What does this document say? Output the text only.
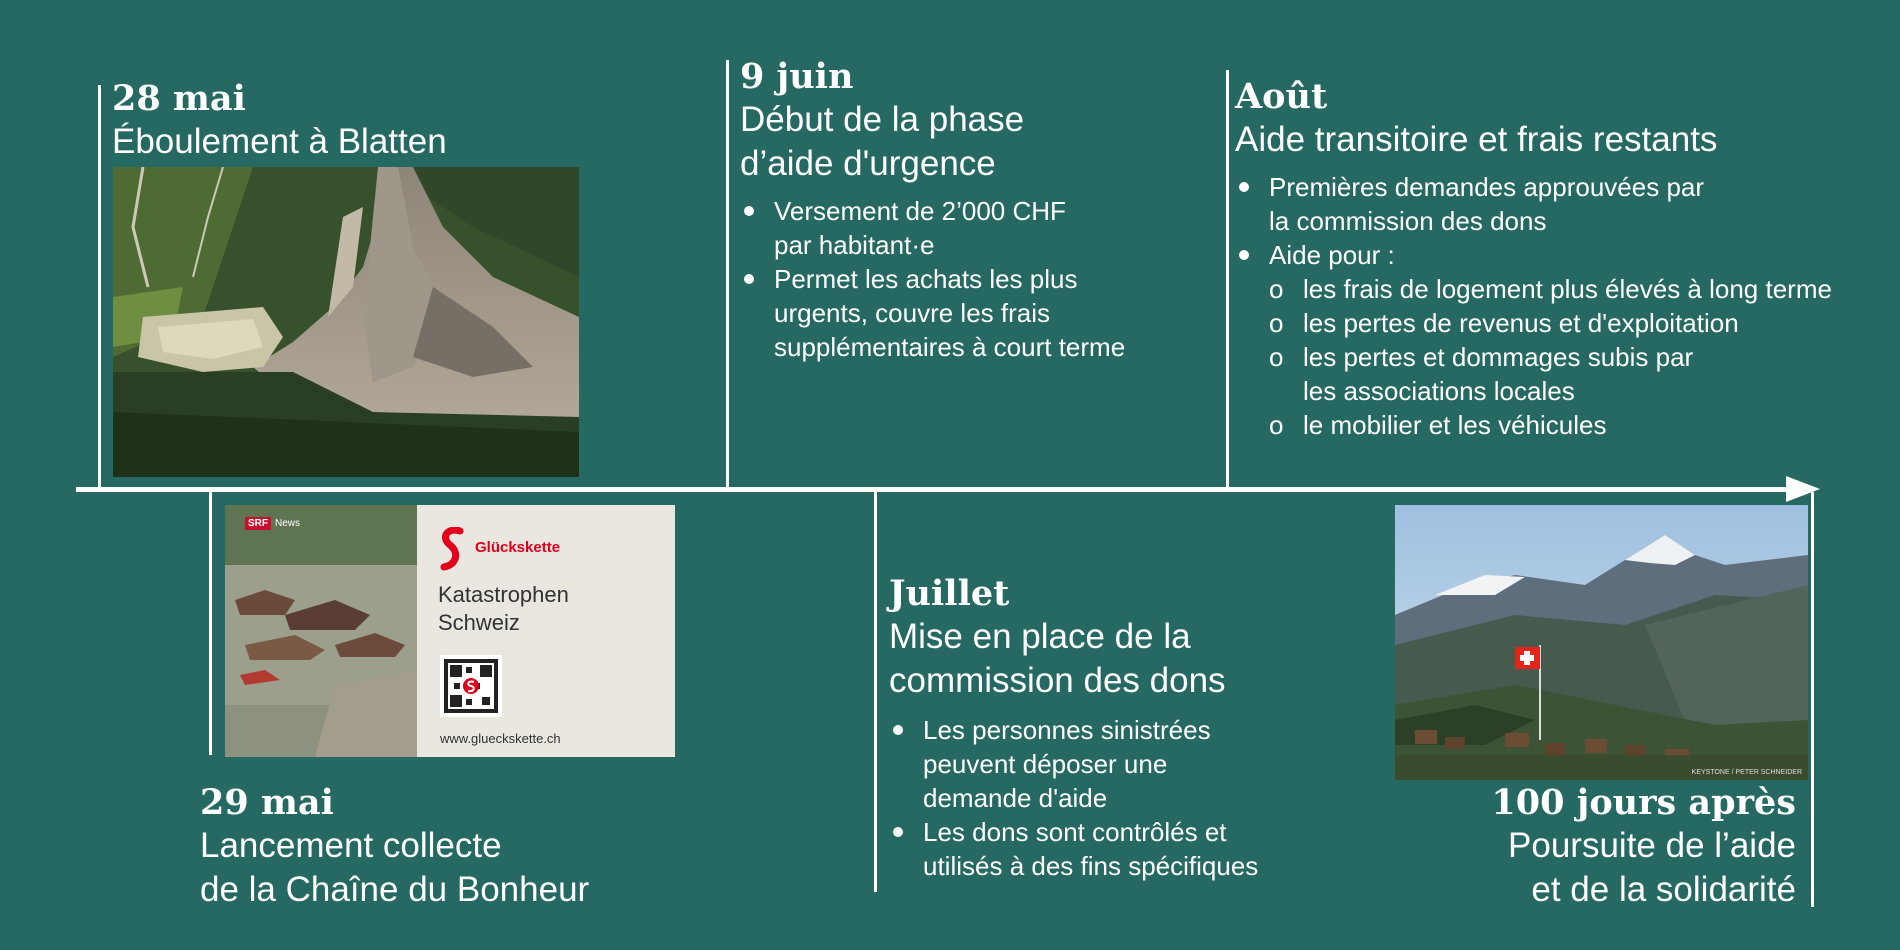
28 mai
Éboulement à Blatten
SRF News
Glückskette
Katastrophen
Schweiz
www.glueckskette.ch
29 mai
Lancement collecte
de la Chaîne du Bonheur
9 juin
Début de la phase
d’aide d'urgence
Versement de 2’000 CHF
par habitant·e
Permet les achats les plus
urgents, couvre les frais
supplémentaires à court terme
Juillet
Mise en place de la
commission des dons
Les personnes sinistrées
peuvent déposer une
demande d'aide
Les dons sont contrôlés et
utilisés à des fins spécifiques
Août
Aide transitoire et frais restants
Premières demandes approuvées par
la commission des dons
Aide pour :
o les frais de logement plus élevés à long terme
o les pertes de revenus et d'exploitation
o les pertes et dommages subis par
les associations locales
o le mobilier et les véhicules
KEYSTONE / PETER SCHNEIDER
100 jours après
Poursuite de l’aide
et de la solidarité
